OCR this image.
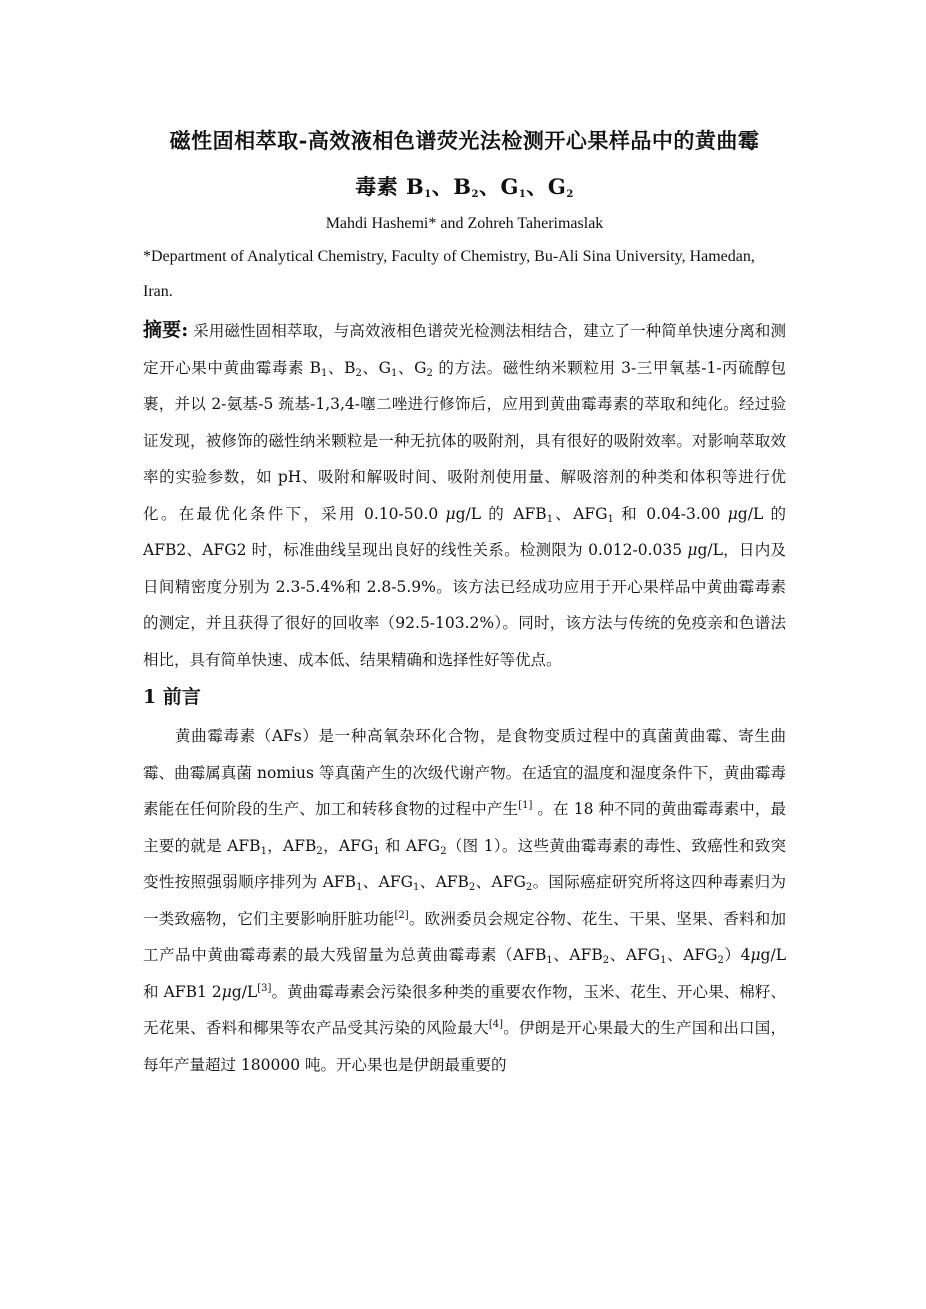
磁性固相萃取-高效液相色谱荧光法检测开心果样品中的黄曲霉
毒素 $B_1$、$B_2$、$G_1$、$G_2$
Mahdi Hashemi* and Zohreh Taherimaslak
*Department of Analytical Chemistry, Faculty of Chemistry, Bu-Ali Sina University, Hamedan, Iran.
摘要: 采用磁性固相萃取，与高效液相色谱荧光检测法相结合，建立了一种简单快速分离和测定开心果中黄曲霉毒素 $B_1$、$B_2$、$G_1$、$G_2$ 的方法。磁性纳米颗粒用 3-三甲氧基-1-丙硫醇包裹，并以 2-氨基-5 巯基-1,3,4-噻二唑进行修饰后，应用到黄曲霉毒素的萃取和纯化。经过验证发现，被修饰的磁性纳米颗粒是一种无抗体的吸附剂，具有很好的吸附效率。对影响萃取效率的实验参数，如 pH、吸附和解吸时间、吸附剂使用量、解吸溶剂的种类和体积等进行优化。在最优化条件下，采用 0.10-50.0 μg/L 的 $AFB_1$、$AFG_1$ 和 0.04-3.00 μg/L 的 AFB2、AFG2 时，标准曲线呈现出良好的线性关系。检测限为 0.012-0.035 μg/L，日内及日间精密度分别为 2.3-5.4%和 2.8-5.9%。该方法已经成功应用于开心果样品中黄曲霉毒素的测定，并且获得了很好的回收率（92.5-103.2%）。同时，该方法与传统的免疫亲和色谱法相比，具有简单快速、成本低、结果精确和选择性好等优点。
1 前言
黄曲霉毒素（AFs）是一种高氧杂环化合物，是食物变质过程中的真菌黄曲霉、寄生曲霉、曲霉属真菌 nomius 等真菌产生的次级代谢产物。在适宜的温度和湿度条件下，黄曲霉毒素能在任何阶段的生产、加工和转移食物的过程中产生[1] 。在 18 种不同的黄曲霉毒素中，最主要的就是 $AFB_1$，$AFB_2$，$AFG_1$ 和 $AFG_2$（图 1）。这些黄曲霉毒素的毒性、致癌性和致突变性按照强弱顺序排列为 $AFB_1$、$AFG_1$、$AFB_2$、$AFG_2$。国际癌症研究所将这四种毒素归为一类致癌物，它们主要影响肝脏功能[2]。欧洲委员会规定谷物、花生、干果、坚果、香料和加工产品中黄曲霉毒素的最大残留量为总黄曲霉毒素（$AFB_1$、$AFB_2$、$AFG_1$、$AFG_2)4\mu g/L$ 和 AFB1 2μg/L[3]。黄曲霉毒素会污染很多种类的重要农作物，玉米、花生、开心果、棉籽、无花果、香料和椰果等农产品受其污染的风险最大[4]。伊朗是开心果最大的生产国和出口国，每年产量超过 180000 吨。开心果也是伊朗最重要的
